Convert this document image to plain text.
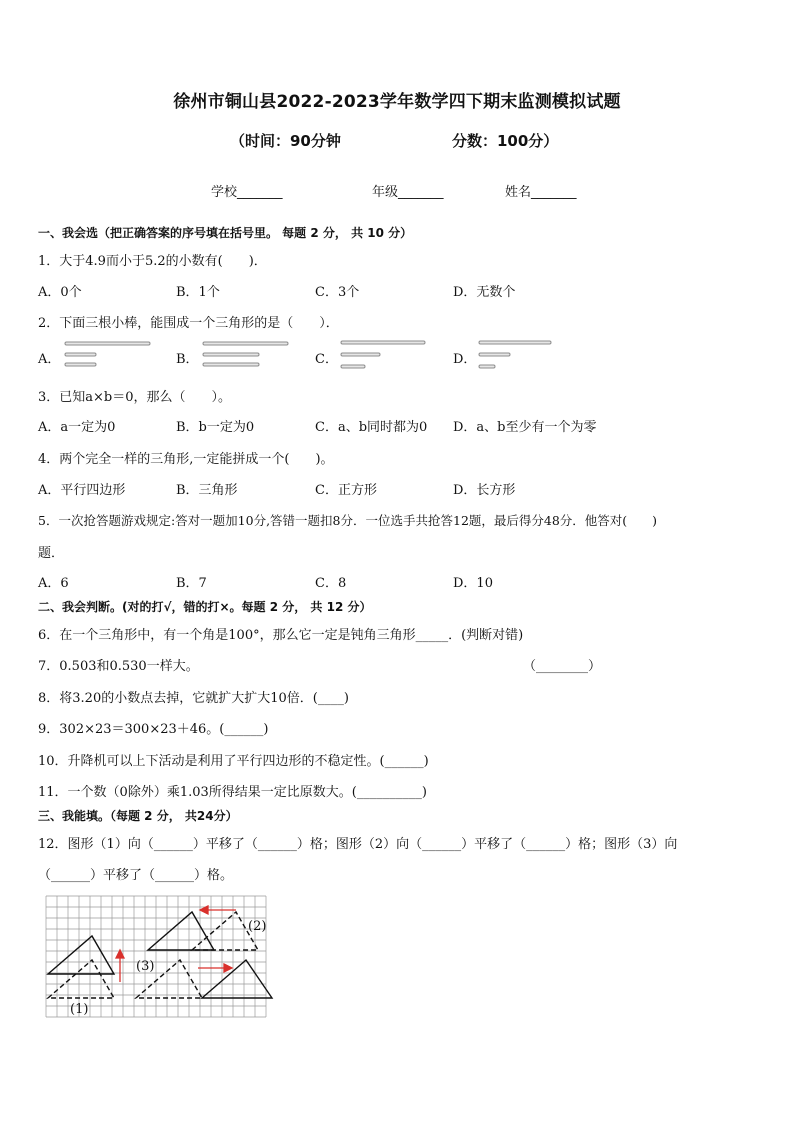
徐州市铜山县2022-2023学年数学四下期末监测模拟试题
（时间：90分钟	分数：100分）
学校_______	年级_______	姓名_______
一、我会选（把正确答案的序号填在括号里。 每题 2 分， 共 10 分）
1．大于4.9而小于5.2的小数有(　　)．
A．0个	B．1个	C．3个	D．无数个
2．下面三根小棒，能围成一个三角形的是（　　）．
A．	B．	C．	D．
3．已知a×b＝0，那么（　　）。
A．a一定为0	B．b一定为0	C．a、b同时都为0 D．a、b至少有一个为零
4．两个完全一样的三角形,一定能拼成一个(　　)。
A．平行四边形	B．三角形	C．正方形	D．长方形
5．一次抢答题游戏规定:答对一题加10分,答错一题扣8分．一位选手共抢答12题，最后得分48分．他答对(　　)
题．
A．6	B．7	C．8	D．10
二、我会判断。(对的打√，错的打×。每题 2 分， 共 12 分）
6．在一个三角形中，有一个角是100°，那么它一定是钝角三角形_____．(判断对错)
7．0.503和0.530一样大。	（________）
8．将3.20的小数点去掉，它就扩大扩大10倍．(____)
9．302×23＝300×23＋46。(______)
10．升降机可以上下活动是利用了平行四边形的不稳定性。(______)
11．一个数（0除外）乘1.03所得结果一定比原数大。(__________)
三、我能填。（每题 2 分， 共24分）
12．图形（1）向（______）平移了（______）格；图形（2）向（______）平移了（______）格；图形（3）向
（______）平移了（______）格。
(1)
(2)
(3)
